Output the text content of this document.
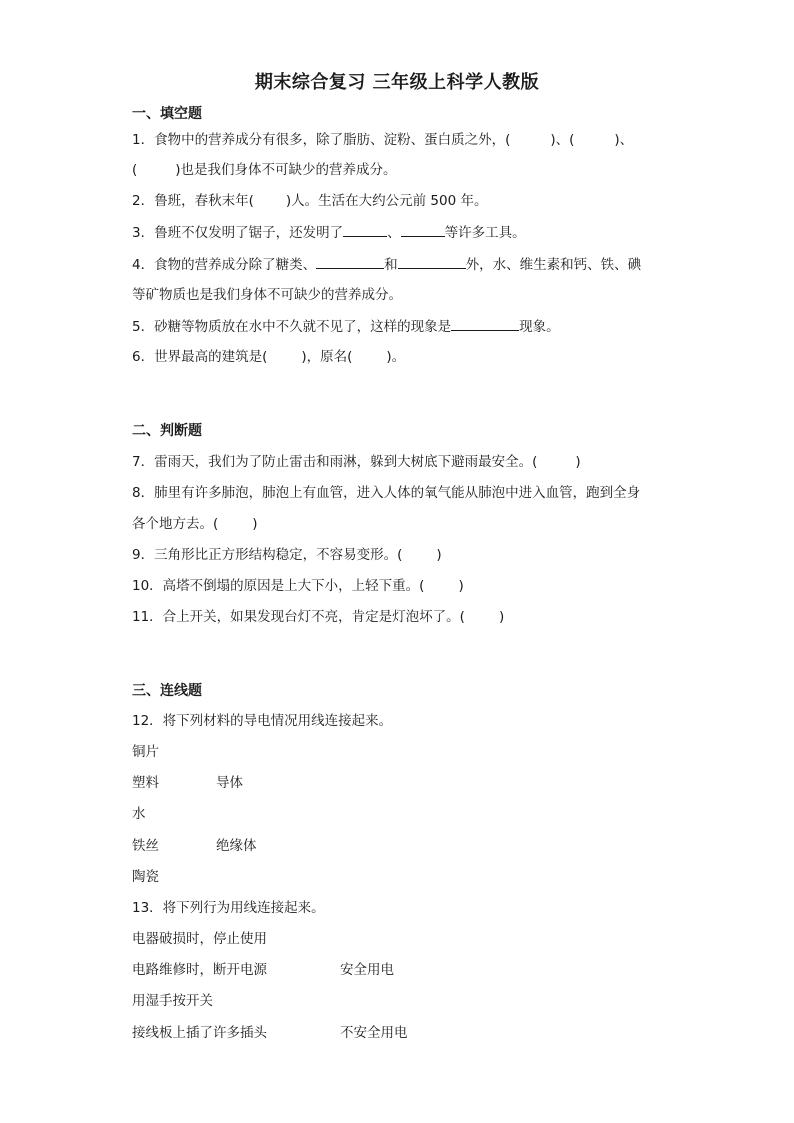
期末综合复习 三年级上科学人教版
一、填空题
1．食物中的营养成分有很多，除了脂肪、淀粉、蛋白质之外，(	)、(	)、
(	)也是我们身体不可缺少的营养成分。
2．鲁班，春秋末年( )人。生活在大约公元前 500 年。
3．鲁班不仅发明了锯子，还发明了	、	等许多工具。
4．食物的营养成分除了糖类、	和	外，水、维生素和钙、铁、碘
等矿物质也是我们身体不可缺少的营养成分。
5．砂糖等物质放在水中不久就不见了，这样的现象是	现象。
6．世界最高的建筑是(	)，原名(	)。
二、判断题
7．雷雨天，我们为了防止雷击和雨淋，躲到大树底下避雨最安全。(	)
8．肺里有许多肺泡，肺泡上有血管，进入人体的氧气能从肺泡中进入血管，跑到全身
各个地方去。(	)
9．三角形比正方形结构稳定，不容易变形。(	)
10．高塔不倒塌的原因是上大下小，上轻下重。(	)
11．合上开关，如果发现台灯不亮，肯定是灯泡坏了。(	)
三、连线题
12．将下列材料的导电情况用线连接起来。
铜片
塑料	导体
水
铁丝	绝缘体
陶瓷
13．将下列行为用线连接起来。
电器破损时，停止使用
电路维修时，断开电源	安全用电
用湿手按开关
接线板上插了许多插头	不安全用电
